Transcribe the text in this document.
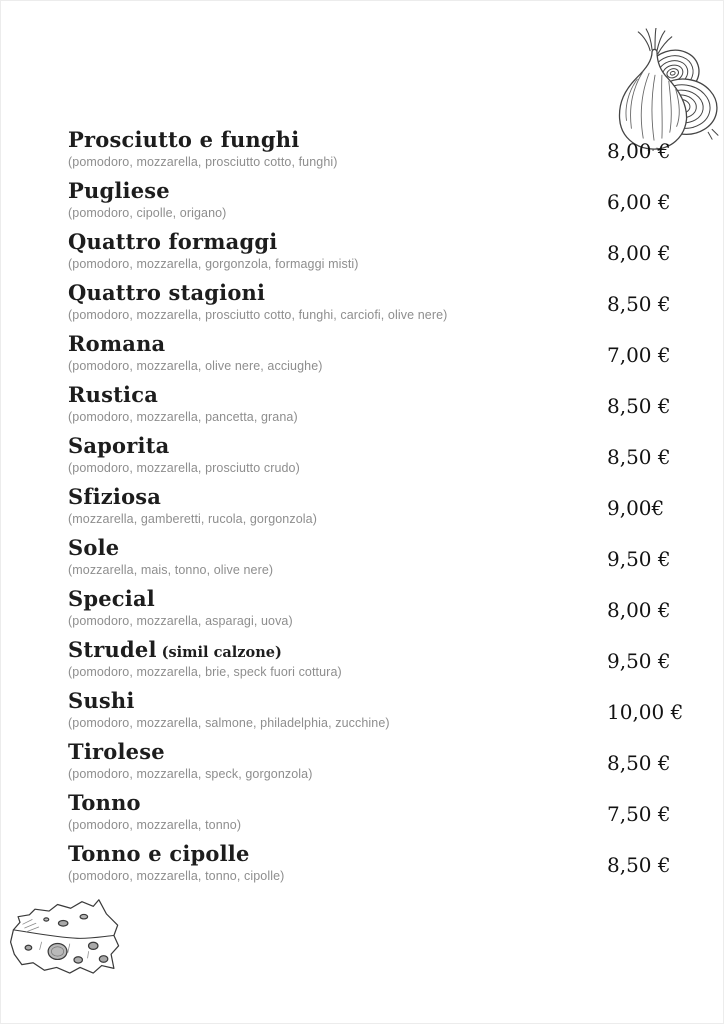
Prosciutto e funghi
(pomodoro, mozzarella, prosciutto cotto, funghi)	8,00 €
Pugliese
(pomodoro, cipolle, origano)	6,00 €
Quattro formaggi
(pomodoro, mozzarella, gorgonzola, formaggi misti)	8,00 €
Quattro stagioni
(pomodoro, mozzarella, prosciutto cotto, funghi, carciofi, olive nere)	8,50 €
Romana
(pomodoro, mozzarella, olive nere, acciughe)	7,00 €
Rustica
(pomodoro, mozzarella, pancetta, grana)	8,50 €
Saporita
(pomodoro, mozzarella, prosciutto crudo)	8,50 €
Sfiziosa
(mozzarella, gamberetti, rucola, gorgonzola)	9,00€
Sole
(mozzarella, mais, tonno, olive nere)	9,50 €
Special
(pomodoro, mozzarella, asparagi, uova)	8,00 €
Strudel (simil calzone)
(pomodoro, mozzarella, brie, speck fuori cottura)	9,50 €
Sushi
(pomodoro, mozzarella, salmone, philadelphia, zucchine)	10,00 €
Tirolese
(pomodoro, mozzarella, speck, gorgonzola)	8,50 €
Tonno
(pomodoro, mozzarella, tonno)	7,50 €
Tonno e cipolle
(pomodoro, mozzarella, tonno, cipolle)	8,50 €
